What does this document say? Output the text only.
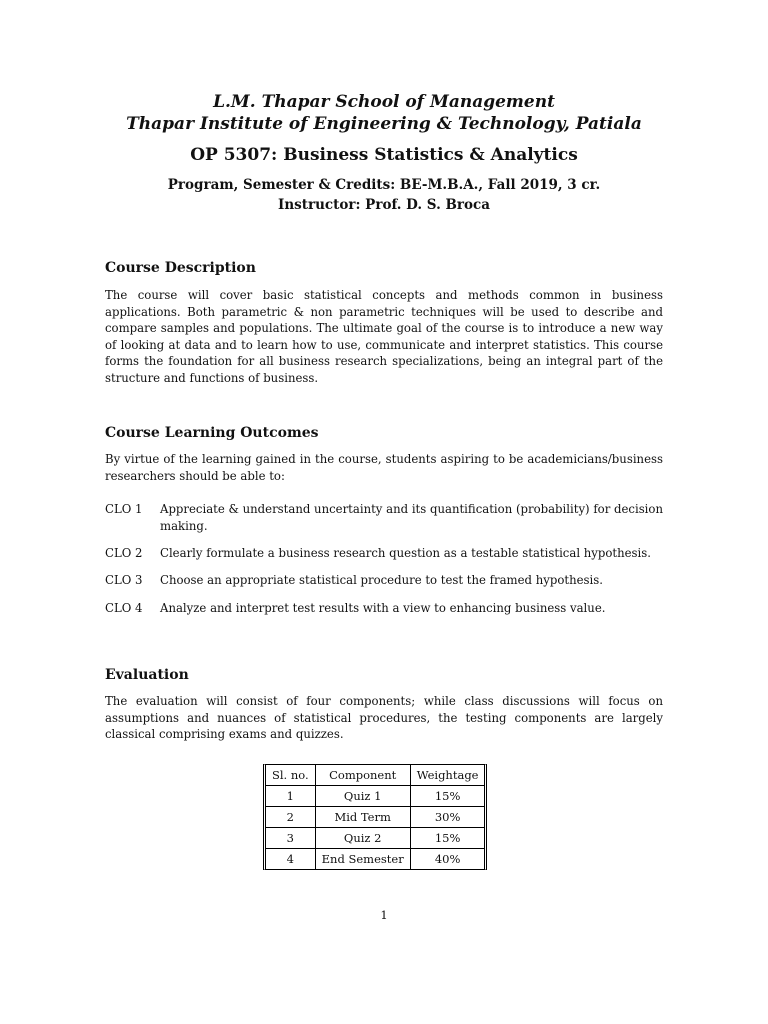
L.M. Thapar School of Management
Thapar Institute of Engineering & Technology, Patiala
OP 5307: Business Statistics & Analytics
Program, Semester & Credits: BE-M.B.A., Fall 2019, 3 cr.
Instructor: Prof. D. S. Broca
Course Description
The course will cover basic statistical concepts and methods common in business applications. Both parametric & non parametric techniques will be used to describe and compare samples and populations. The ultimate goal of the course is to introduce a new way of looking at data and to learn how to use, communicate and interpret statistics. This course forms the foundation for all business research specializations, being an integral part of the structure and functions of business.
Course Learning Outcomes
By virtue of the learning gained in the course, students aspiring to be academicians/business researchers should be able to:
CLO 1	Appreciate & understand uncertainty and its quantification (probability) for decision making.
CLO 2	Clearly formulate a business research question as a testable statistical hypothesis.
CLO 3	Choose an appropriate statistical procedure to test the framed hypothesis.
CLO 4	Analyze and interpret test results with a view to enhancing business value.
Evaluation
The evaluation will consist of four components; while class discussions will focus on assumptions and nuances of statistical procedures, the testing components are largely classical comprising exams and quizzes.
Sl. no.	Component	Weightage
1	Quiz 1	15%
2	Mid Term	30%
3	Quiz 2	15%
4	End Semester	40%
1
